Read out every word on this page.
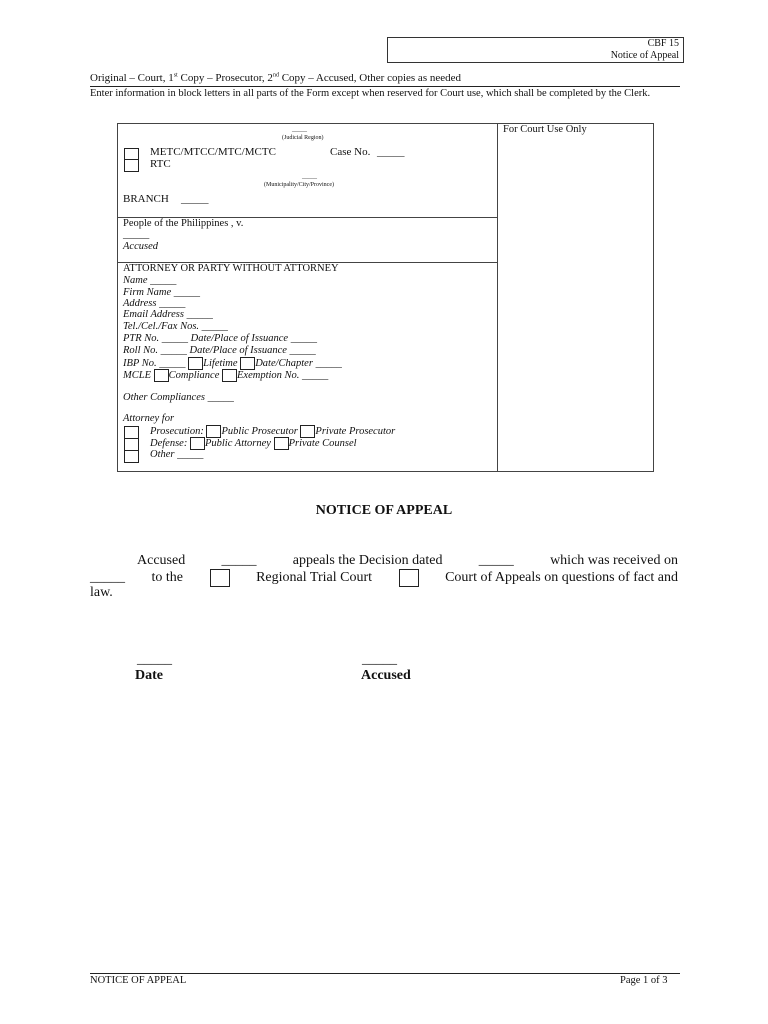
CBF 15
Notice of Appeal
Original – Court, 1st Copy – Prosecutor, 2nd Copy – Accused, Other copies as needed
Enter information in block letters in all parts of the Form except when reserved for Court use, which shall be completed by the Clerk.
For Court Use Only
_____
(Judicial Region)
METC/MTCC/MTC/MCTC
RTC
Case No. _____
_____
(Municipality/City/Province)
BRANCH _____
People of the Philippines , v.
_____
Accused
ATTORNEY OR PARTY WITHOUT ATTORNEY
Name _____
Firm Name _____
Address _____
Email Address _____
Tel./Cel./Fax Nos. _____
PTR No. _____ Date/Place of Issuance _____
Roll No. _____ Date/Place of Issuance _____
IBP No. _____ Lifetime Date/Chapter _____
MCLE Compliance Exemption No. _____
Other Compliances _____
Attorney for
Prosecution: Public Prosecutor Private Prosecutor
Defense: Public Attorney Private Counsel
Other _____
NOTICE OF APPEAL
Accused	_____	appeals the Decision dated	_____	which was received on
_____ to the	Regional Trial Court	Court of Appeals on questions of fact and
law.
_____
Date
_____
Accused
NOTICE OF APPEAL	Page 1 of 3
